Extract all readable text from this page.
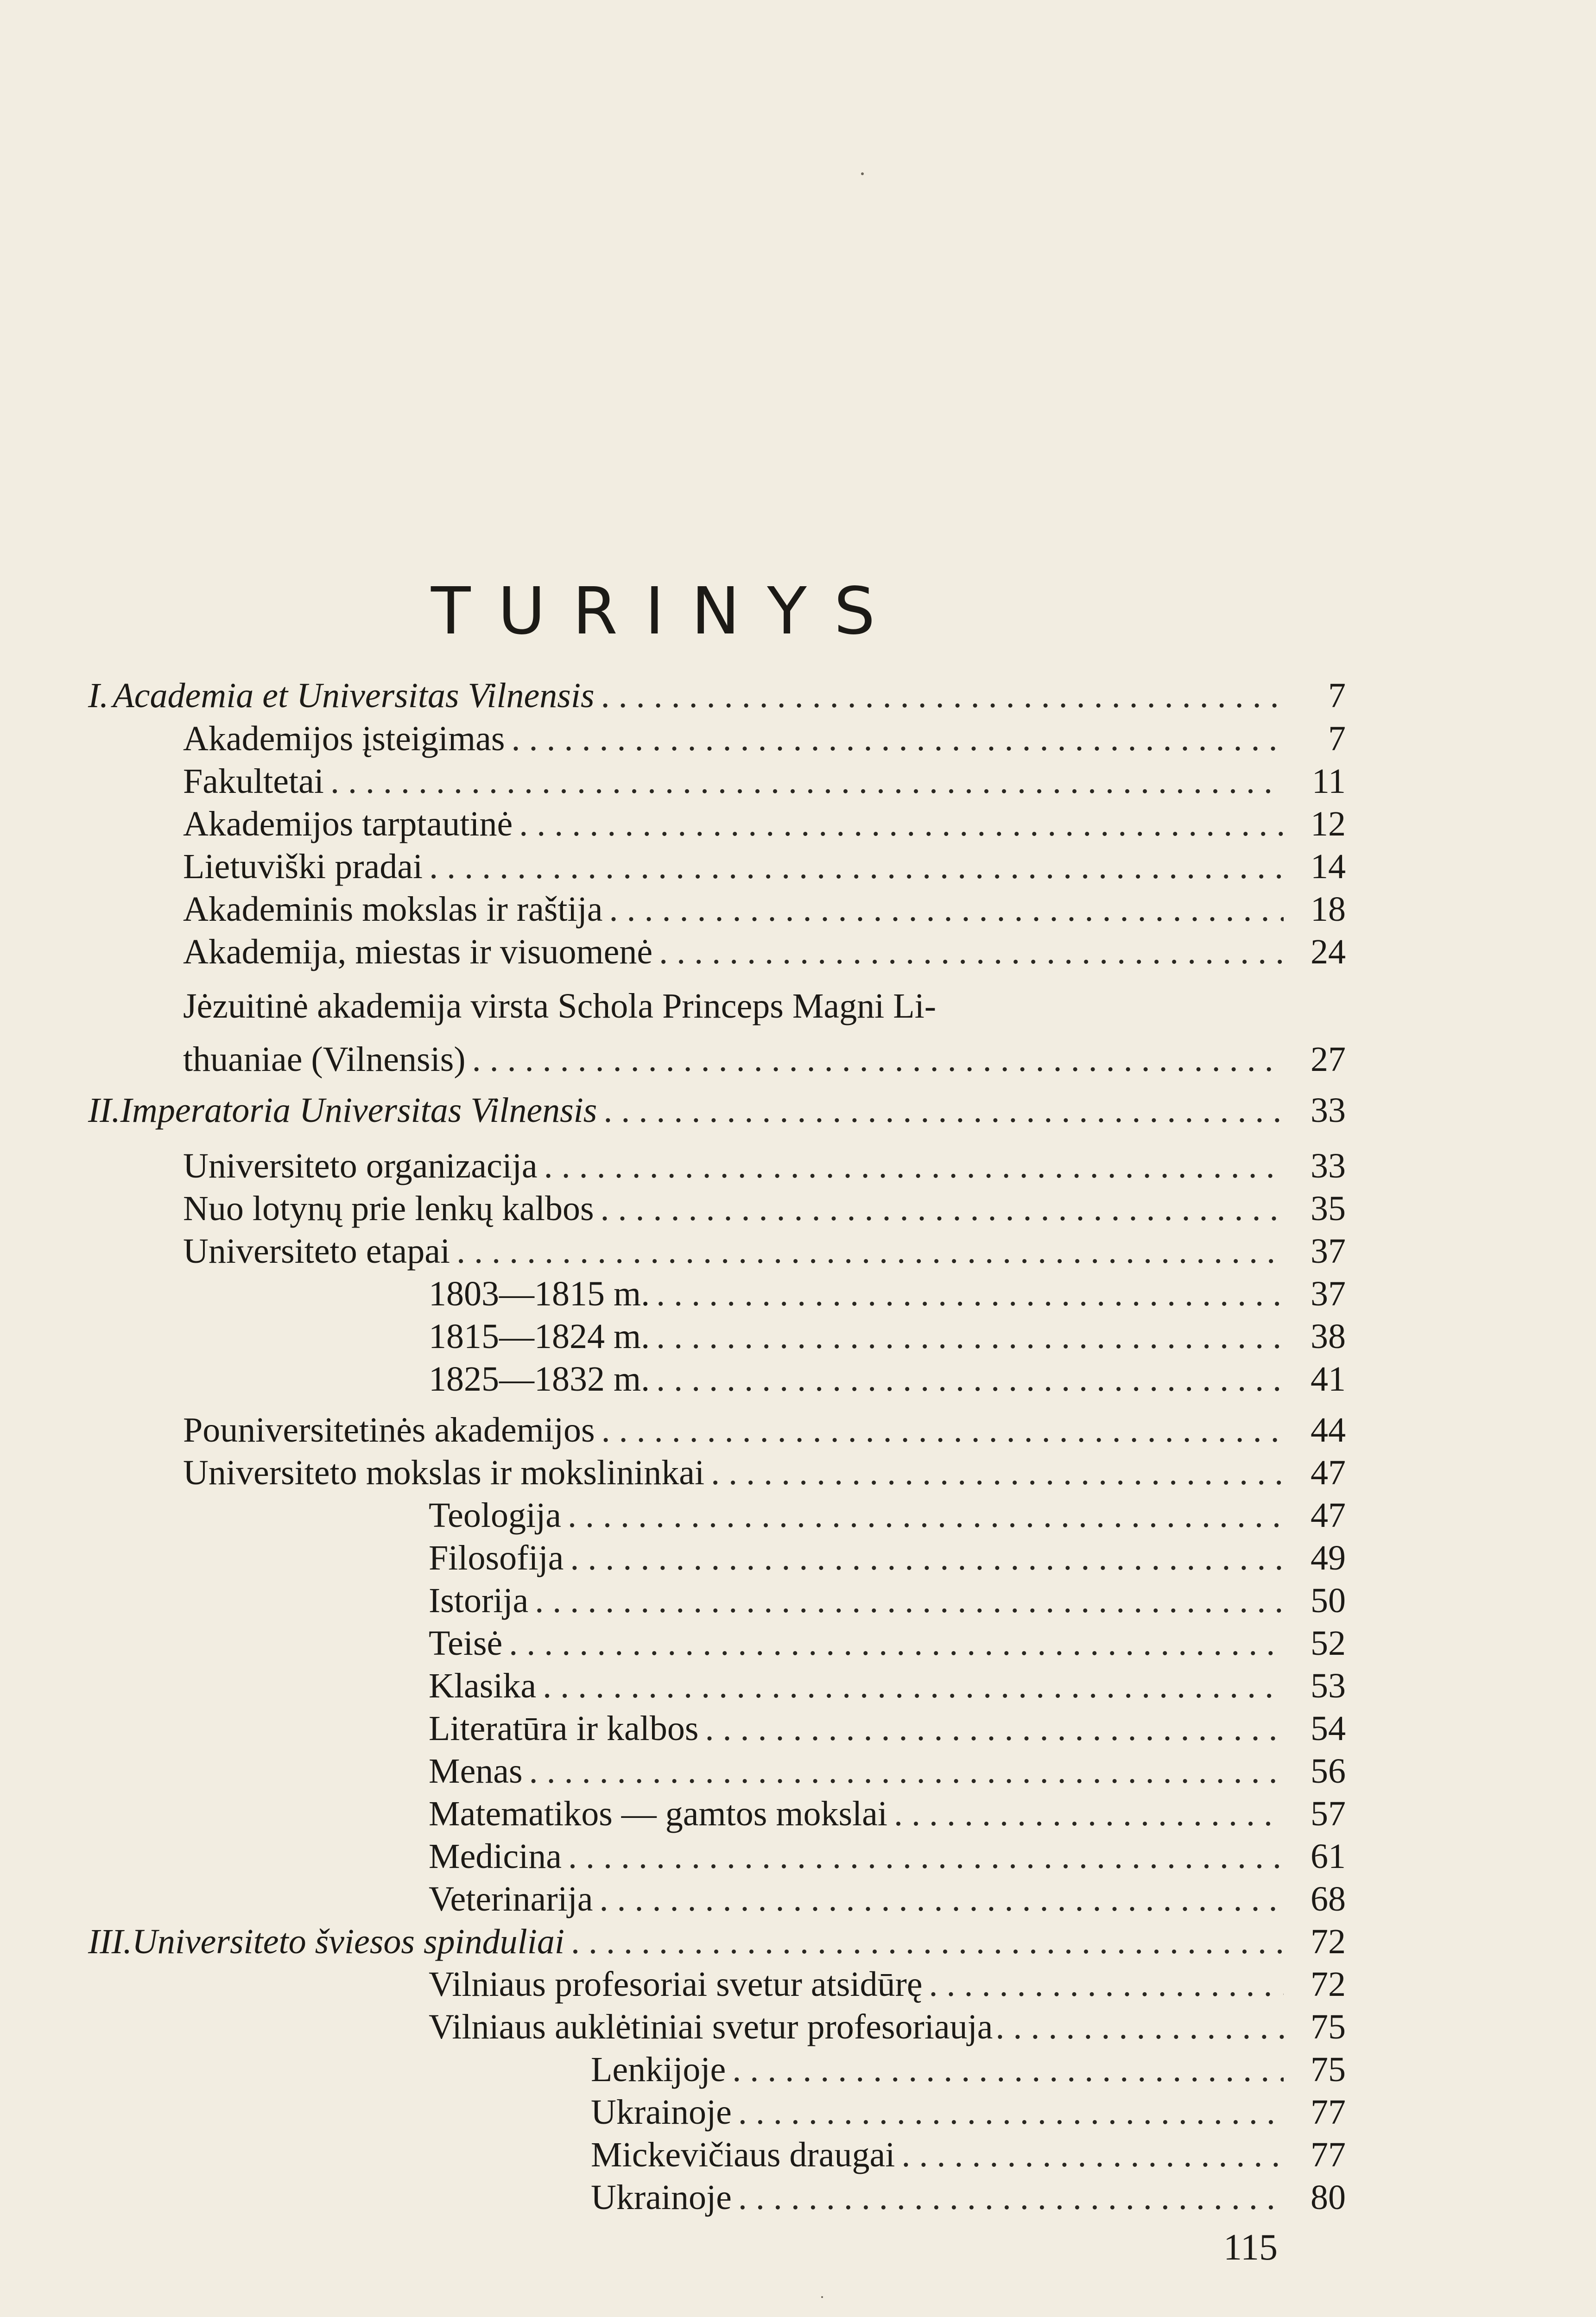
TURINYS
I. Academia et Universitas Vilnensis . . .	7
Akademijos įsteigimas . . .	7
Fakultetai . . .	11
Akademijos tarptautinė . . .	12
Lietuviški pradai . . .	14
Akademinis mokslas ir raštija . . .	18
Akademija, miestas ir visuomenė . . .	24
Jėzuitinė akademija virsta Schola Princeps Magni Li-
thuaniae (Vilnensis) . . .	27
II. Imperatoria Universitas Vilnensis . . .	33
Universiteto organizacija . . .	33
Nuo lotynų prie lenkų kalbos . . .	35
Universiteto etapai . . .	37
1803—1815 m. . . .	37
1815—1824 m. . . .	38
1825—1832 m. . . .	41
Pouniversitetinės akademijos . . .	44
Universiteto mokslas ir mokslininkai . . .	47
Teologija . . .	47
Filosofija . . .	49
Istorija . . .	50
Teisė . . .	52
Klasika . . .	53
Literatūra ir kalbos . . .	54
Menas . . .	56
Matematikos — gamtos mokslai . . .	57
Medicina . . .	61
Veterinarija . . .	68
III. Universiteto šviesos spinduliai . . .	72
Vilniaus profesoriai svetur atsidūrę . . .	72
Vilniaus auklėtiniai svetur profesoriauja . . .	75
Lenkijoje . . .	75
Ukrainoje . . .	77
Mickevičiaus draugai . . .	77
Ukrainoje . . .	80
115
